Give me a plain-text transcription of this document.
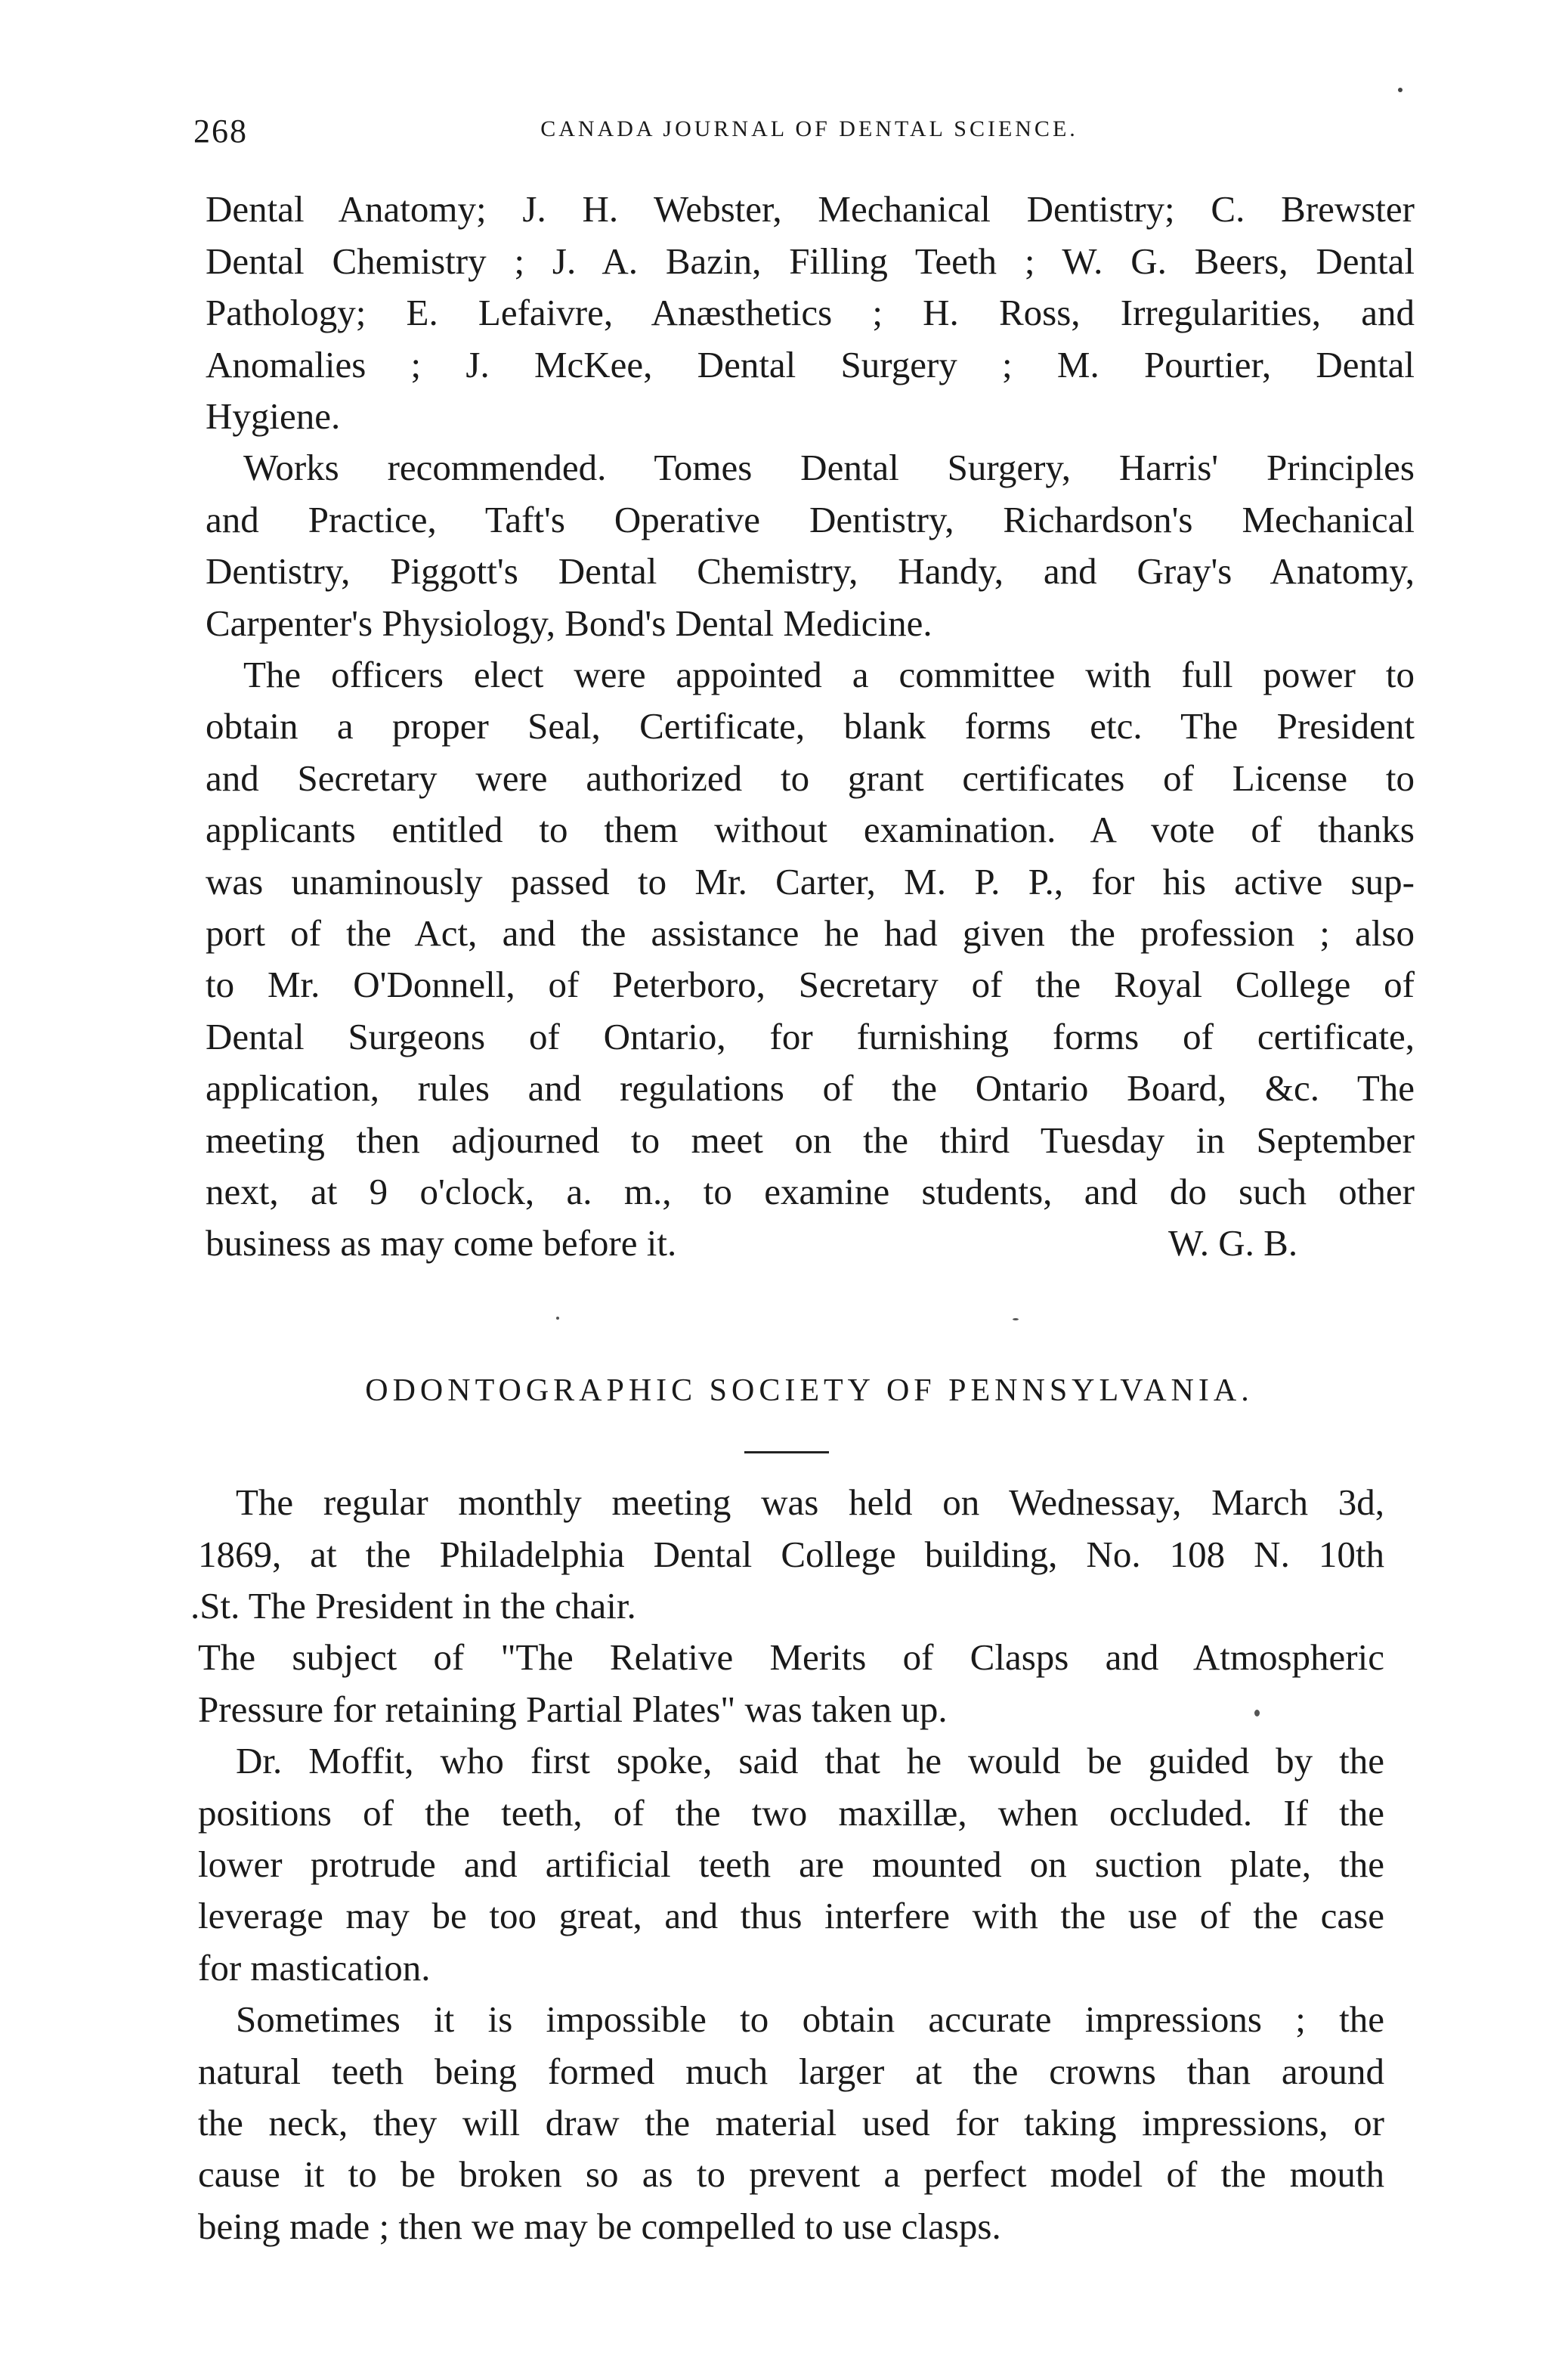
268	CANADA JOURNAL OF DENTAL SCIENCE.
Dental Anatomy; J. H. Webster, Mechanical Dentistry; C. Brewster
Dental Chemistry ; J. A. Bazin, Filling Teeth ; W. G. Beers, Dental
Pathology; E. Lefaivre, Anæsthetics ; H. Ross, Irregularities, and
Anomalies ; J. McKee, Dental Surgery ; M. Pourtier, Dental
Hygiene.
Works recommended. Tomes Dental Surgery, Harris' Principles
and Practice, Taft's Operative Dentistry, Richardson's Mechanical
Dentistry, Piggott's Dental Chemistry, Handy, and Gray's Anatomy,
Carpenter's Physiology, Bond's Dental Medicine.
The officers elect were appointed a committee with full power to
obtain a proper Seal, Certificate, blank forms etc. The President
and Secretary were authorized to grant certificates of License to
applicants entitled to them without examination. A vote of thanks
was unaminously passed to Mr. Carter, M. P. P., for his active sup-
port of the Act, and the assistance he had given the profession ; also
to Mr. O'Donnell, of Peterboro, Secretary of the Royal College of
Dental Surgeons of Ontario, for furnishing forms of certificate,
application, rules and regulations of the Ontario Board, &c. The
meeting then adjourned to meet on the third Tuesday in September
next, at 9 o'clock, a. m., to examine students, and do such other
business as may come before it.	W. G. B.
ODONTOGRAPHIC SOCIETY OF PENNSYLVANIA.
The regular monthly meeting was held on Wednessay, March 3d,
1869, at the Philadelphia Dental College building, No. 108 N. 10th
.St. The President in the chair.
The subject of "The Relative Merits of Clasps and Atmospheric
Pressure for retaining Partial Plates" was taken up.
Dr. Moffit, who first spoke, said that he would be guided by the
positions of the teeth, of the two maxillæ, when occluded. If the
lower protrude and artificial teeth are mounted on suction plate, the
leverage may be too great, and thus interfere with the use of the case
for mastication.
Sometimes it is impossible to obtain accurate impressions ; the
natural teeth being formed much larger at the crowns than around
the neck, they will draw the material used for taking impressions, or
cause it to be broken so as to prevent a perfect model of the mouth
being made ; then we may be compelled to use clasps.
